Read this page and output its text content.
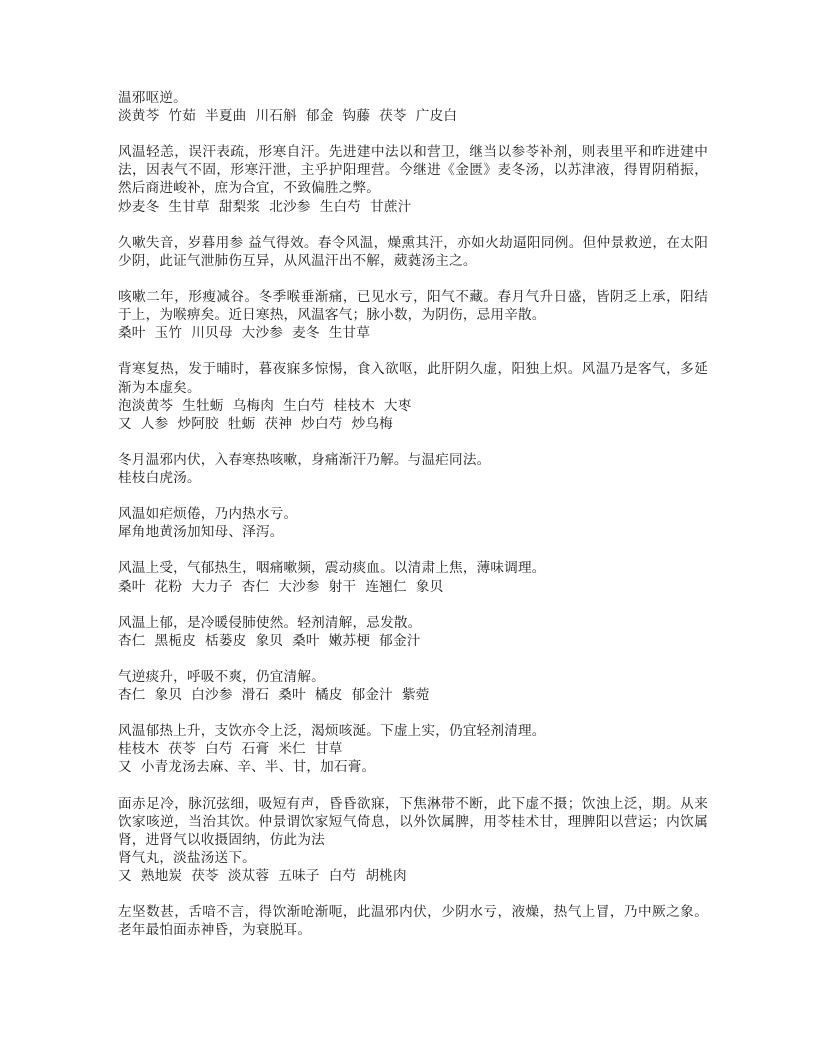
温邪呕逆。

淡黄芩  竹茹  半夏曲  川石斛  郁金  钩藤  茯苓  广皮白

风温轻恙，误汗表疏，形寒自汗。先进建中法以和营卫，继当以参苓补剂，则表里平和昨进建中法，因表气不固，形寒汗泄，主乎护阳理营。今继进《金匮》麦冬汤，以苏津液，得胃阴稍振，然后商进峻补，庶为合宜，不致偏胜之弊。

炒麦冬  生甘草  甜梨浆  北沙参  生白芍  甘蔗汁

久嗽失音，岁暮用参 益气得效。春令风温，燥熏其汗，亦如火劫逼阳同例。但仲景救逆，在太阳少阴，此证气泄肺伤互异，从风温汗出不解，葳蕤汤主之。

咳嗽二年，形瘦减谷。冬季喉垂渐痛，已见水亏，阳气不藏。春月气升日盛，皆阴乏上承，阳结于上，为喉痹矣。近日寒热，风温客气；脉小数，为阴伤，忌用辛散。

桑叶  玉竹  川贝母  大沙参  麦冬  生甘草

背寒复热，发于晡时，暮夜寐多惊惕，食入欲呕，此肝阴久虚，阳独上炽。风温乃是客气，多延渐为本虚矣。

泡淡黄芩  生牡蛎  乌梅肉  生白芍  桂枝木  大枣

又  人参  炒阿胶  牡蛎  茯神  炒白芍  炒乌梅

冬月温邪内伏，入春寒热咳嗽，身痛渐汗乃解。与温疟同法。

桂枝白虎汤。

风温如疟烦倦，乃内热水亏。

犀角地黄汤加知母、泽泻。

风温上受，气郁热生，咽痛嗽频，震动痰血。以清肃上焦，薄味调理。

桑叶  花粉  大力子  杏仁  大沙参  射干  连翘仁  象贝

风温上郁，是冷暖侵肺使然。轻剂清解，忌发散。

杏仁  黑栀皮  栝蒌皮  象贝  桑叶  嫩苏梗  郁金汁

气逆痰升，呼吸不爽，仍宜清解。

杏仁  象贝  白沙参  滑石  桑叶  橘皮  郁金汁  紫菀

风温郁热上升，支饮亦令上泛，渴烦咳涎。下虚上实，仍宜轻剂清理。

桂枝木  茯苓  白芍  石膏  米仁  甘草

又  小青龙汤去麻、辛、半、甘，加石膏。

面赤足冷，脉沉弦细，吸短有声，昏昏欲寐，下焦淋带不断，此下虚不摄；饮浊上泛，期。从来饮家咳逆，当治其饮。仲景谓饮家短气倚息，以外饮属脾，用苓桂术甘，理脾阳以营运；内饮属肾，进肾气以收摄固纳，仿此为法

肾气丸，淡盐汤送下。

又  熟地炭  茯苓  淡苁蓉  五味子  白芍  胡桃肉

左坚数甚，舌喑不言，得饮渐呛渐呃，此温邪内伏，少阴水亏，液燥，热气上冒，乃中厥之象。老年最怕面赤神昏，为衰脱耳。
